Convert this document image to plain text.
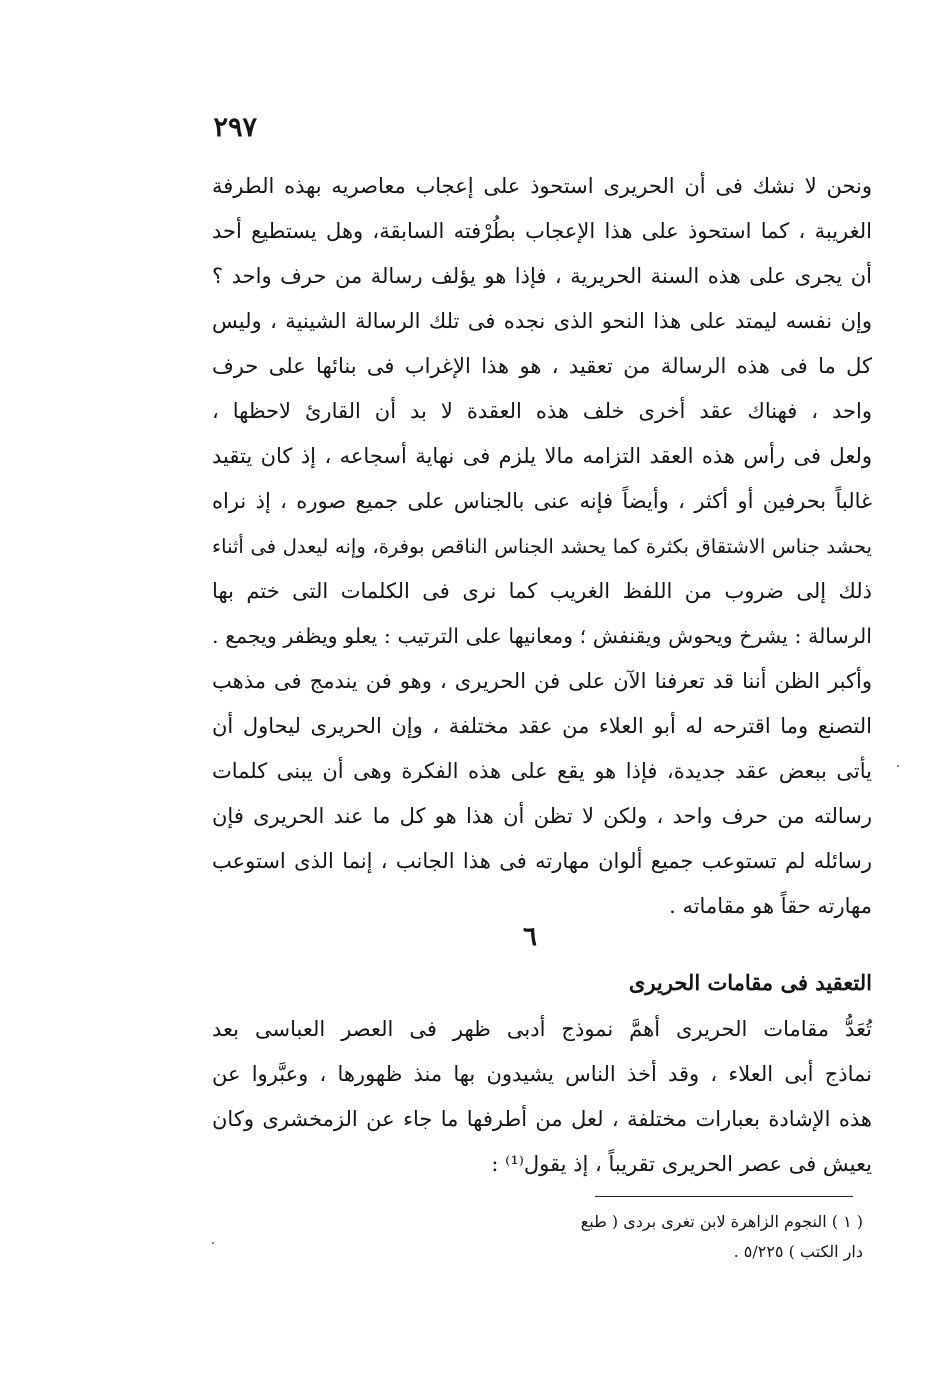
٢٩٧
ونحن لا نشك فى أن الحريرى استحوذ على إعجاب معاصريه بهذه الطرفة
الغريبة ، كما استحوذ على هذا الإعجاب بطُرْفته السابقة، وهل يستطيع أحد
أن يجرى على هذه السنة الحريرية ، فإذا هو يؤلف رسالة من حرف واحد ؟
وإن نفسه ليمتد على هذا النحو الذى نجده فى تلك الرسالة الشينية ، وليس
كل ما فى هذه الرسالة من تعقيد ، هو هذا الإغراب فى بنائها على حرف
واحد ، فهناك عقد أخرى خلف هذه العقدة لا بد أن القارئ لاحظها ،
ولعل فى رأس هذه العقد التزامه مالا يلزم فى نهاية أسجاعه ، إذ كان يتقيد
غالباً بحرفين أو أكثر ، وأيضاً فإنه عنى بالجناس على جميع صوره ، إذ نراه
يحشد جناس الاشتقاق بكثرة كما يحشد الجناس الناقص بوفرة، وإنه ليعدل فى أثناء
ذلك إلى ضروب من اللفظ الغريب كما نرى فى الكلمات التى ختم بها
الرسالة : يشرخ ويحوش ويقنفش ؛ ومعانيها على الترتيب : يعلو ويظفر ويجمع .
وأكبر الظن أننا قد تعرفنا الآن على فن الحريرى ، وهو فن يندمج فى مذهب
التصنع وما اقترحه له أبو العلاء من عقد مختلفة ، وإن الحريرى ليحاول أن
يأتى ببعض عقد جديدة، فإذا هو يقع على هذه الفكرة وهى أن يبنى كلمات
رسالته من حرف واحد ، ولكن لا تظن أن هذا هو كل ما عند الحريرى فإن
رسائله لم تستوعب جميع ألوان مهارته فى هذا الجانب ، إنما الذى استوعب
مهارته حقاً هو مقاماته .
٦
التعقيد فى مقامات الحريرى
تُعَدُّ مقامات الحريرى أهمَّ نموذج أدبى ظهر فى العصر العباسى بعد
نماذج أبى العلاء ، وقد أخذ الناس يشيدون بها منذ ظهورها ، وعبَّروا عن
هذه الإشادة بعبارات مختلفة ، لعل من أطرفها ما جاء عن الزمخشرى وكان
يعيش فى عصر الحريرى تقريباً ، إذ يقول⁽¹⁾ :
( ١ ) النجوم الزاهرة لابن تغرى بردى ( طبع
دار الكتب ) ٥/٢٢٥ .
